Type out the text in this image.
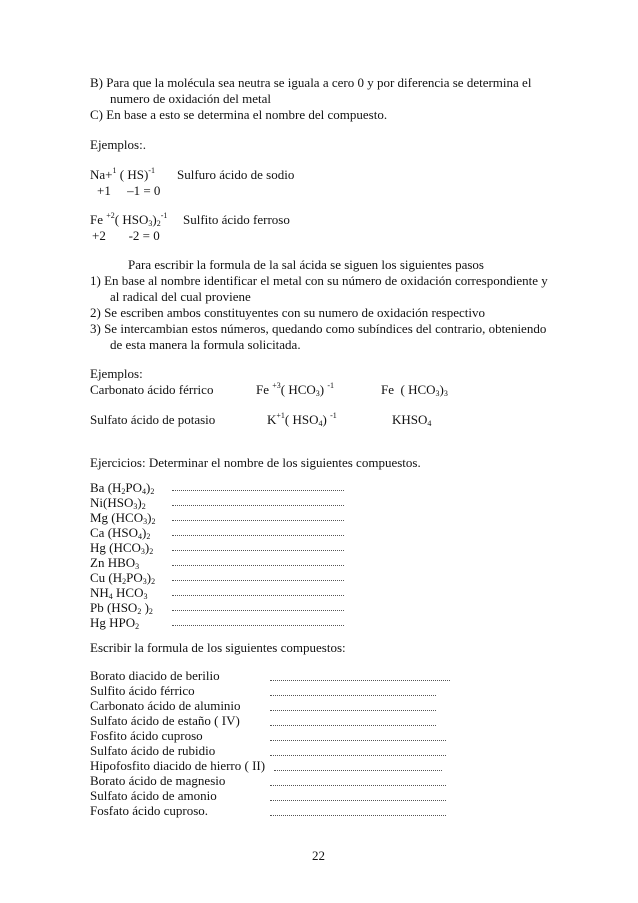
B) Para que la molécula sea neutra se iguala a cero 0 y por diferencia se determina el
numero de oxidación del metal
C) En base a esto se determina el nombre del compuesto.
Ejemplos:.
Na+$^1$ ( HS)$^{-1}$ Sulfuro ácido de sodio
+1     –1 = 0
Fe $^{+2}$( $HSO_3)_2^{-1}$ Sulfito ácido ferroso
+2       -2 = 0
Para escribir la formula de la sal ácida se siguen los siguientes pasos
1) En base al nombre identificar el metal con su número de oxidación correspondiente y
al radical del cual proviene
2) Se escriben ambos constituyentes con su numero de oxidación respectivo
3) Se intercambian estos números, quedando como subíndices del contrario, obteniendo
de esta manera la formula solicitada.
Ejemplos:
Carbonato ácido férrico	Fe $^{+3}$( $HCO_3$) $^{-1}$	Fe  ( $HCO_3)_3$
Sulfato ácido de potasio	$K^{+1}$( $HSO_4$) $^{-1}$	$KHSO_4$
Ejercicios: Determinar el nombre de los siguientes compuestos.
Ba $(H_2PO_4)_2$
$Ni(HSO_3)_2$
Mg $(HCO_3)_2$
Ca $(HSO_4)_2$
Hg $(HCO_3)_2$
Zn $HBO_3$
Cu $(H_2PO_3)_2$
$NH_4$ $HCO_3$
Pb ($HSO_2$ )$_2$
Hg $HPO_2$
Escribir la formula de los siguientes compuestos:
Borato diacido de berilio
Sulfito ácido férrico
Carbonato ácido de aluminio
Sulfato ácido de estaño ( IV)
Fosfito ácido cuproso
Sulfato ácido de rubidio
Hipofosfito diacido de hierro ( II)
Borato ácido de magnesio
Sulfato ácido de amonio
Fosfato ácido cuproso.
22
